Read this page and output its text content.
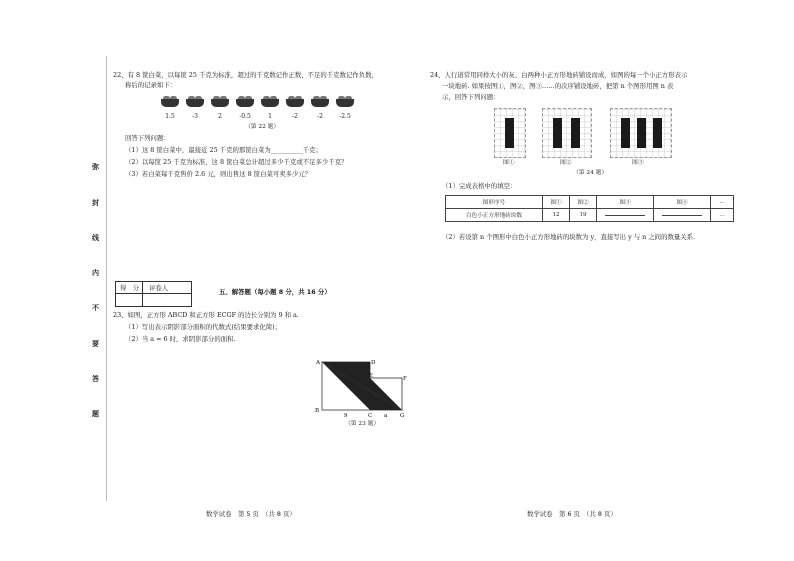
弥
封
线
内
不
要
答
题
22、有 8 筐白菜，以每筐 25 千克为标准，超过的千克数记作正数，不足的千克数记作负数，
称后的记录如下：
1.5	-3	2	-0.5	1	-2	-2	-2.5
（第 22 题）
回答下列问题：
（1）这 8 筐白菜中，最接近 25 千克的那筐白菜为__________千克；
（2）以每筐 25 千克为标准，这 8 筐白菜总计超过多少千克或不足多少千克？
（3）若白菜每千克售价 2.6 元，则出售这 8 筐白菜可卖多少元？
得　分 评卷人	五、解答题（每小题 8 分，共 16 分）
23、如图，正方形 ABCD 和正方形 ECGF 的边长分别为 9 和 a.
（1）写出表示阴影部分面积的代数式(结果要求化简)；
（2）当 a = 6 时，求阴影部分的面积.
A	D
E	F
B
C	G
9	a
（第 23 题）
数学试卷　第 5 页　（共 8 页）
24、人行道常用同样大小的灰、白两种小正方形地砖铺设而成，如图的每一个小正方形表示
一块地砖. 如果按图①，图②，图③……的次序铺设地砖，把第 n 个图形用图 n 表
示，回答下列问题：
图①	图②	图③
（第 24 题）
（1）完成表格中的填空：
图形序号	图①	图②	图③	图④	…
白色小正方形地砖块数	12	19			…
（2）若设第 n 个图形中白色小正方形地砖的块数为 y，直接写出 y 与 n 之间的数量关系.
数学试卷　第 6 页　（共 8 页）
